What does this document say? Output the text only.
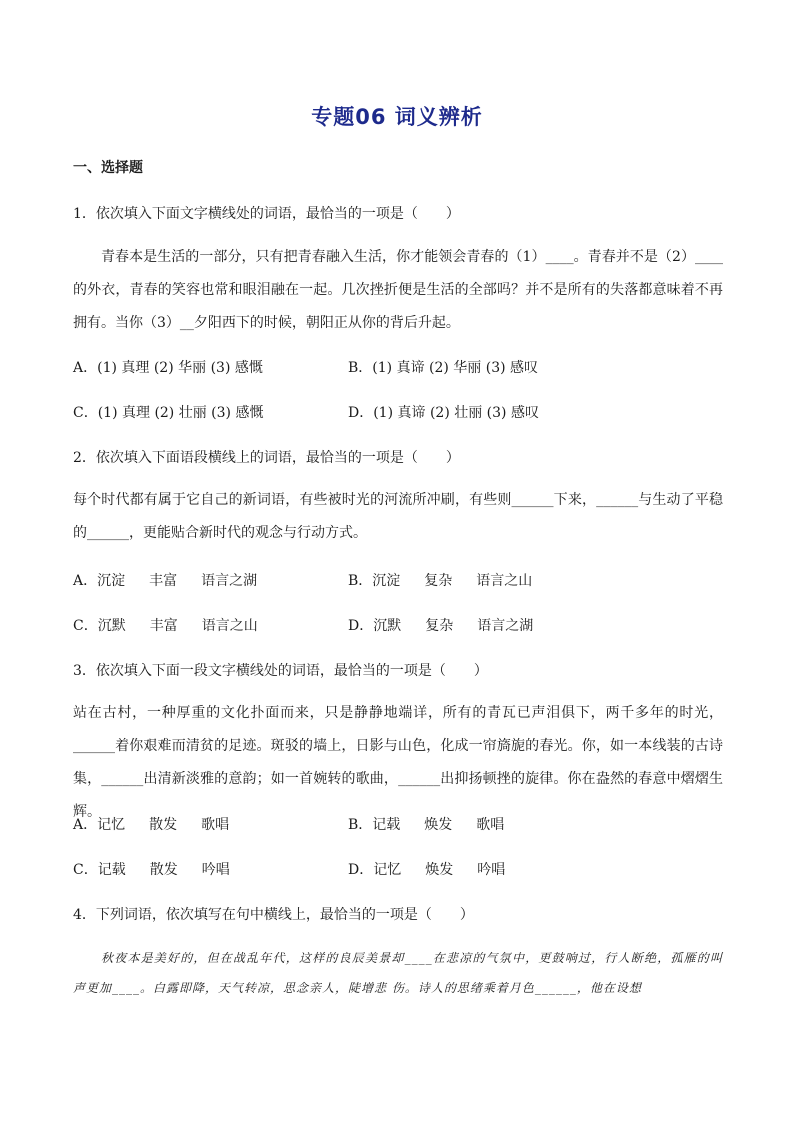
专题06 词义辨析
一、选择题
1．依次填入下面文字横线处的词语，最恰当的一项是（　　）
青春本是生活的一部分，只有把青春融入生活，你才能领会青春的（1）____。青春并不是（2）____的外衣，青春的笑容也常和眼泪融在一起。几次挫折便是生活的全部吗？并不是所有的失落都意味着不再拥有。当你（3）__夕阳西下的时候，朝阳正从你的背后升起。
A．(1) 真理 (2) 华丽 (3) 感慨	B．(1) 真谛 (2) 华丽 (3) 感叹
C．(1) 真理 (2) 壮丽 (3) 感慨	D．(1) 真谛 (2) 壮丽 (3) 感叹
2．依次填入下面语段横线上的词语，最恰当的一项是（　　）
每个时代都有属于它自己的新词语，有些被时光的河流所冲刷，有些则______下来，______与生动了平稳的______，更能贴合新时代的观念与行动方式。
A．沉淀 丰富 语言之湖	B．沉淀 复杂 语言之山
C．沉默 丰富 语言之山	D．沉默 复杂 语言之湖
3．依次填入下面一段文字横线处的词语，最恰当的一项是（　　）
站在古村，一种厚重的文化扑面而来，只是静静地端详，所有的青瓦已声泪俱下，两千多年的时光，______着你艰难而清贫的足迹。斑驳的墙上，日影与山色，化成一帘旖旎的春光。你，如一本线装的古诗集，______出清新淡雅的意韵；如一首婉转的歌曲，______出抑扬顿挫的旋律。你在盎然的春意中熠熠生辉。
A．记忆 散发 歌唱	B．记载 焕发 歌唱
C．记载 散发 吟唱	D．记忆 焕发 吟唱
4．下列词语，依次填写在句中横线上，最恰当的一项是（　　）
秋夜本是美好的，但在战乱年代，这样的良辰美景却____在悲凉的气氛中，更鼓响过，行人断绝，孤雁的叫声更加____。白露即降，天气转凉，思念亲人，陡增悲 伤。诗人的思绪乘着月色______，他在设想
